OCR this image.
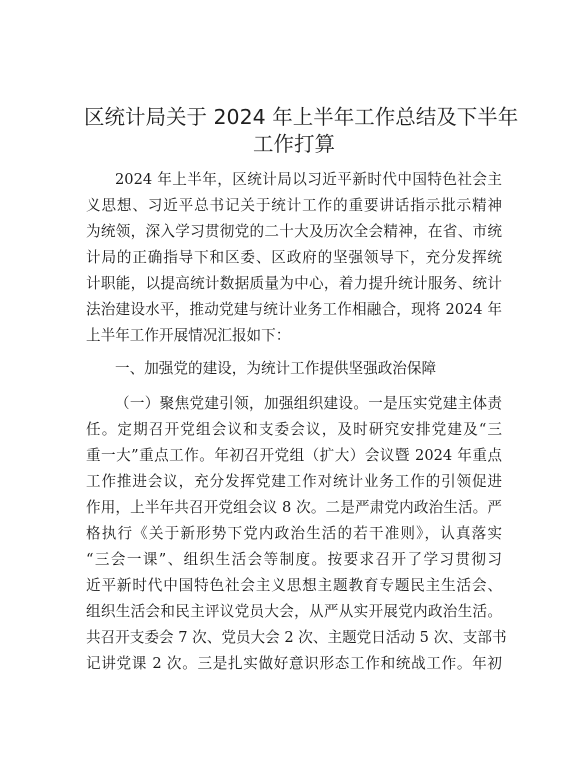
区统计局关于 2024 年上半年工作总结及下半年
工作打算
2024 年上半年，区统计局以习近平新时代中国特色社会主
义思想、习近平总书记关于统计工作的重要讲话指示批示精神
为统领，深入学习贯彻党的二十大及历次全会精神，在省、市统
计局的正确指导下和区委、区政府的坚强领导下，充分发挥统
计职能，以提高统计数据质量为中心，着力提升统计服务、统计
法治建设水平，推动党建与统计业务工作相融合，现将 2024 年
上半年工作开展情况汇报如下：
一、加强党的建设，为统计工作提供坚强政治保障
（一）聚焦党建引领，加强组织建设。一是压实党建主体责
任。定期召开党组会议和支委会议，及时研究安排党建及“三
重一大”重点工作。年初召开党组（扩大）会议暨 2024 年重点
工作推进会议，充分发挥党建工作对统计业务工作的引领促进
作用，上半年共召开党组会议 8 次。二是严肃党内政治生活。严
格执行《关于新形势下党内政治生活的若干准则》，认真落实
“三会一课”、组织生活会等制度。按要求召开了学习贯彻习
近平新时代中国特色社会主义思想主题教育专题民主生活会、
组织生活会和民主评议党员大会，从严从实开展党内政治生活。
共召开支委会 7 次、党员大会 2 次、主题党日活动 5 次、支部书
记讲党课 2 次。三是扎实做好意识形态工作和统战工作。年初
